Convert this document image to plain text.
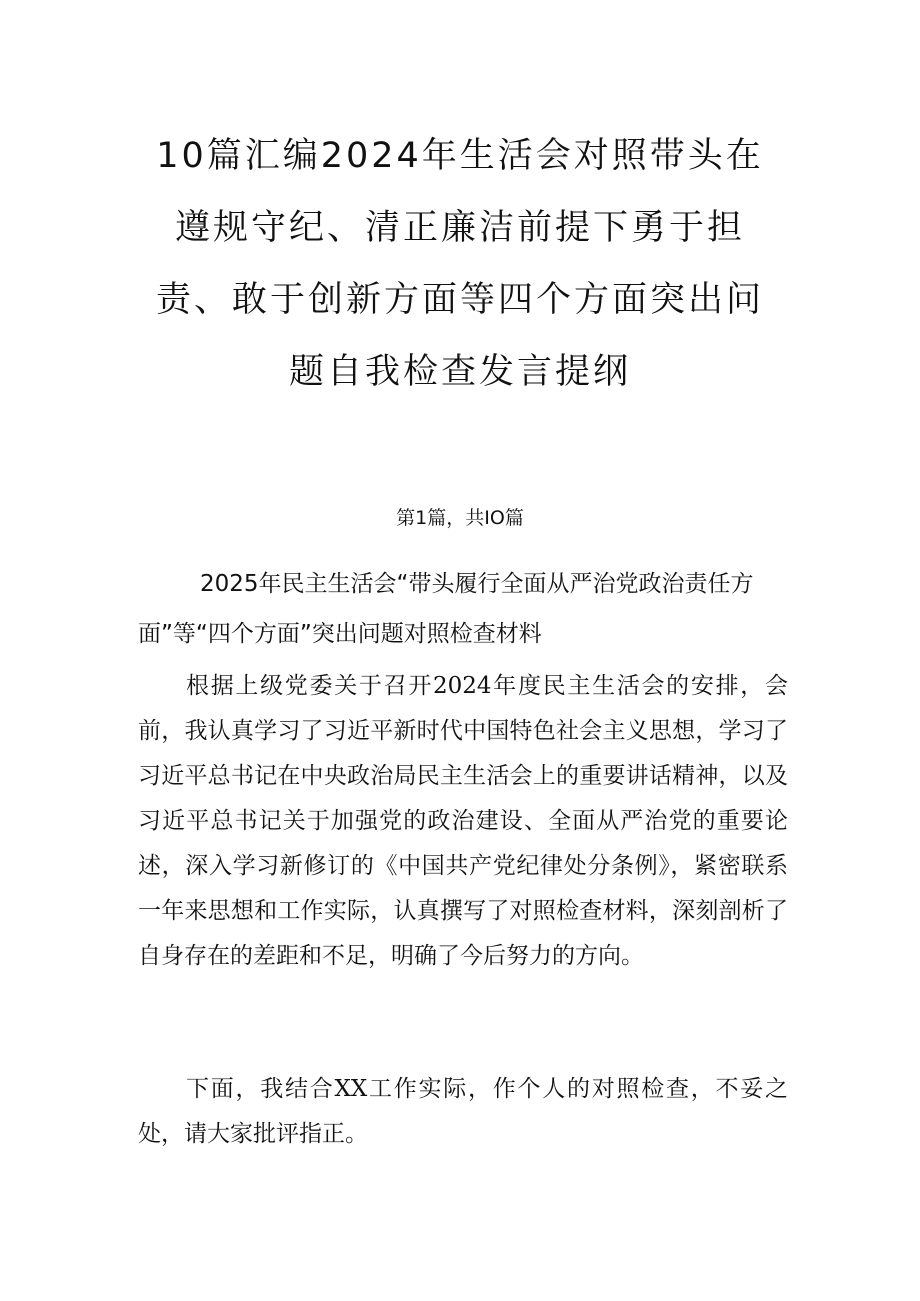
10篇汇编2024年生活会对照带头在遵规守纪、清正廉洁前提下勇于担责、敢于创新方面等四个方面突出问题自我检查发言提纲

第1篇，共IO篇

2025年民主生活会“带头履行全面从严治党政治责任方面”等“四个方面”突出问题对照检查材料

根据上级党委关于召开2024年度民主生活会的安排，会前，我认真学习了习近平新时代中国特色社会主义思想，学习了习近平总书记在中央政治局民主生活会上的重要讲话精神，以及习近平总书记关于加强党的政治建设、全面从严治党的重要论述，深入学习新修订的《中国共产党纪律处分条例》，紧密联系一年来思想和工作实际，认真撰写了对照检查材料，深刻剖析了自身存在的差距和不足，明确了今后努力的方向。

下面，我结合XX工作实际，作个人的对照检查，不妥之处，请大家批评指正。
